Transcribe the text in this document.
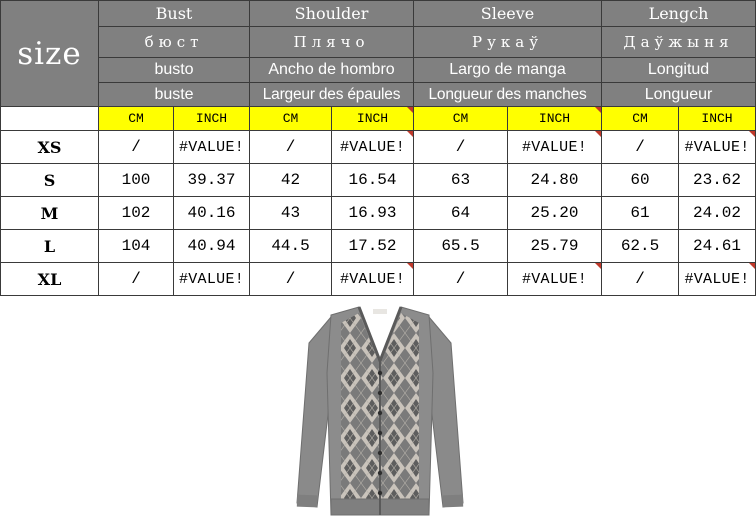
size	Bust		Shoulder		Sleeve		Lengch	
	бюст		Плячо		Рукаў		Даўжыня	
	busto		Ancho de hombro		Largo de manga		Longitud	
	buste		Largeur des épaules		Longueur des manches		Longueur	
	CM	INCH	CM	INCH	CM	INCH	CM	INCH
XS	/	#VALUE!	/	#VALUE!	/	#VALUE!	/	#VALUE!
S	100	39.37	42	16.54	63	24.80	60	23.62
M	102	40.16	43	16.93	64	25.20	61	24.02
L	104	40.94	44.5	17.52	65.5	25.79	62.5	24.61
XL	/	#VALUE!	/	#VALUE!	/	#VALUE!	/	#VALUE!
